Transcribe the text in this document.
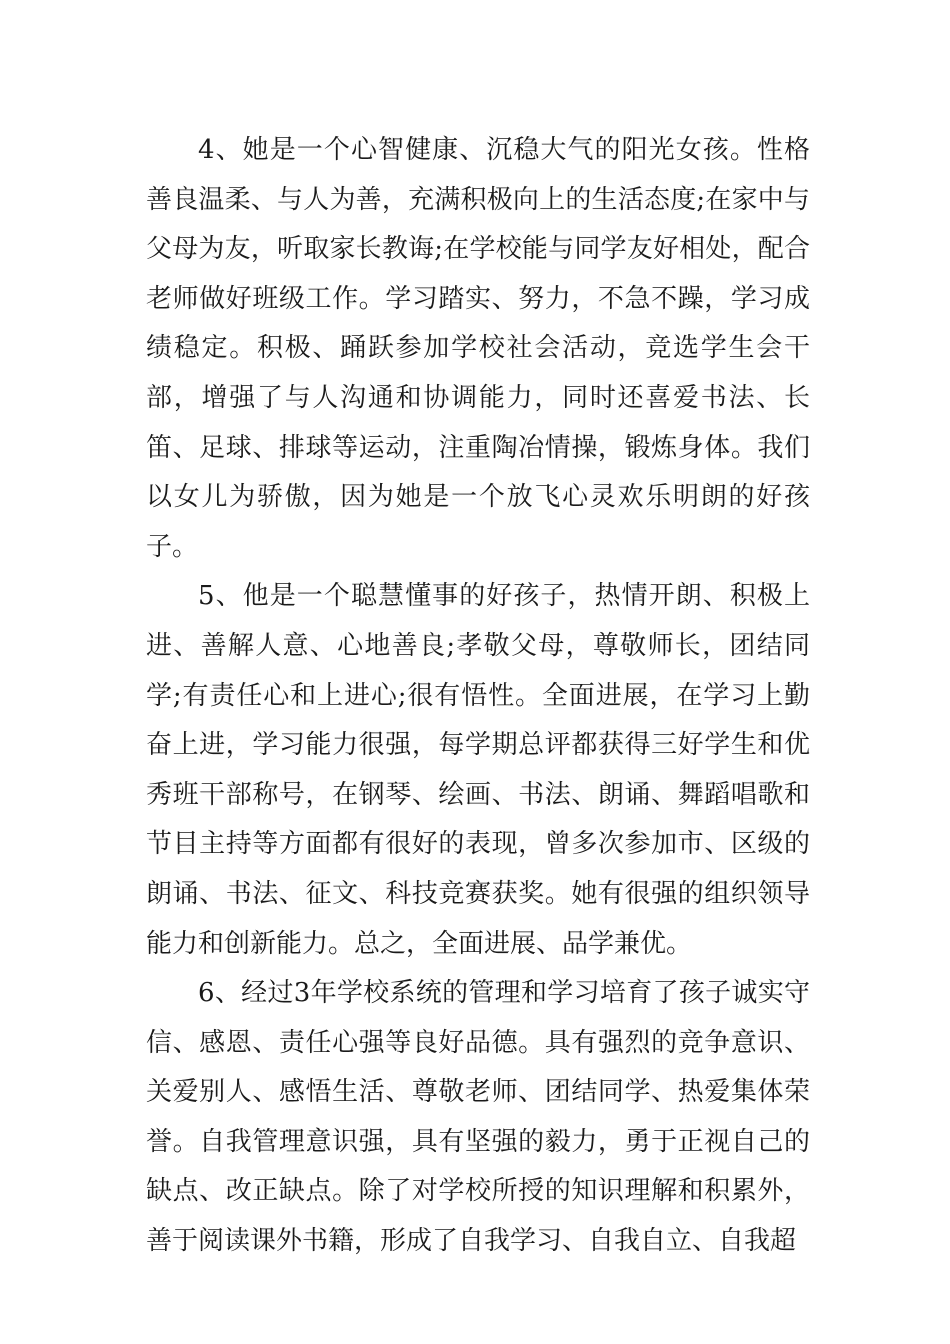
4、她是一个心智健康、沉稳大气的阳光女孩。性格善良温柔、与人为善，充满积极向上的生活态度;在家中与父母为友，听取家长教诲;在学校能与同学友好相处，配合老师做好班级工作。学习踏实、努力，不急不躁，学习成绩稳定。积极、踊跃参加学校社会活动，竞选学生会干部，增强了与人沟通和协调能力，同时还喜爱书法、长笛、足球、排球等运动，注重陶冶情操，锻炼身体。我们以女儿为骄傲，因为她是一个放飞心灵欢乐明朗的好孩子。

5、他是一个聪慧懂事的好孩子，热情开朗、积极上进、善解人意、心地善良;孝敬父母，尊敬师长，团结同学;有责任心和上进心;很有悟性。全面进展，在学习上勤奋上进，学习能力很强，每学期总评都获得三好学生和优秀班干部称号，在钢琴、绘画、书法、朗诵、舞蹈唱歌和节目主持等方面都有很好的表现，曾多次参加市、区级的朗诵、书法、征文、科技竞赛获奖。她有很强的组织领导能力和创新能力。总之，全面进展、品学兼优。

6、经过3年学校系统的管理和学习培育了孩子诚实守信、感恩、责任心强等良好品德。具有强烈的竞争意识、关爱别人、感悟生活、尊敬老师、团结同学、热爱集体荣誉。自我管理意识强，具有坚强的毅力，勇于正视自己的缺点、改正缺点。除了对学校所授的知识理解和积累外，善于阅读课外书籍，形成了自我学习、自我自立、自我超
